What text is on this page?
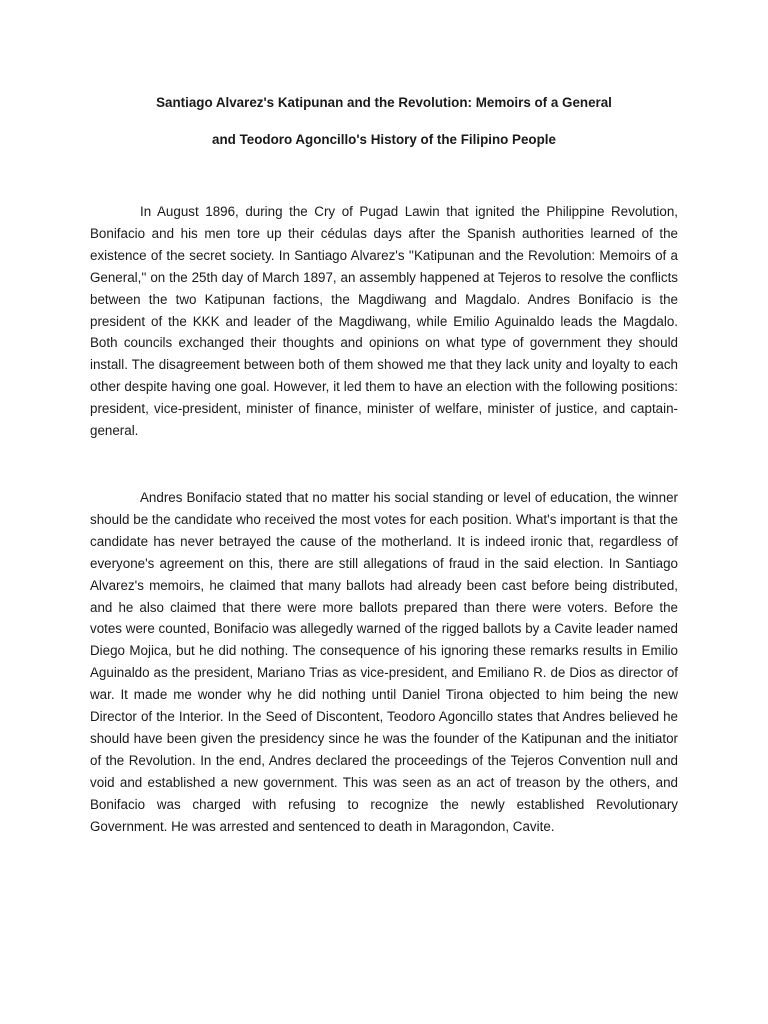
Santiago Alvarez's Katipunan and the Revolution: Memoirs of a General
and Teodoro Agoncillo's History of the Filipino People

In August 1896, during the Cry of Pugad Lawin that ignited the Philippine Revolution, Bonifacio and his men tore up their cédulas days after the Spanish authorities learned of the existence of the secret society. In Santiago Alvarez's ''Katipunan and the Revolution: Memoirs of a General,'' on the 25th day of March 1897, an assembly happened at Tejeros to resolve the conflicts between the two Katipunan factions, the Magdiwang and Magdalo. Andres Bonifacio is the president of the KKK and leader of the Magdiwang, while Emilio Aguinaldo leads the Magdalo. Both councils exchanged their thoughts and opinions on what type of government they should install. The disagreement between both of them showed me that they lack unity and loyalty to each other despite having one goal. However, it led them to have an election with the following positions: president, vice-president, minister of finance, minister of welfare, minister of justice, and captain-general.

Andres Bonifacio stated that no matter his social standing or level of education, the winner should be the candidate who received the most votes for each position. What's important is that the candidate has never betrayed the cause of the motherland. It is indeed ironic that, regardless of everyone's agreement on this, there are still allegations of fraud in the said election. In Santiago Alvarez's memoirs, he claimed that many ballots had already been cast before being distributed, and he also claimed that there were more ballots prepared than there were voters. Before the votes were counted, Bonifacio was allegedly warned of the rigged ballots by a Cavite leader named Diego Mojica, but he did nothing. The consequence of his ignoring these remarks results in Emilio Aguinaldo as the president, Mariano Trias as vice-president, and Emiliano R. de Dios as director of war. It made me wonder why he did nothing until Daniel Tirona objected to him being the new Director of the Interior. In the Seed of Discontent, Teodoro Agoncillo states that Andres believed he should have been given the presidency since he was the founder of the Katipunan and the initiator of the Revolution. In the end, Andres declared the proceedings of the Tejeros Convention null and void and established a new government. This was seen as an act of treason by the others, and Bonifacio was charged with refusing to recognize the newly established Revolutionary Government. He was arrested and sentenced to death in Maragondon, Cavite.
